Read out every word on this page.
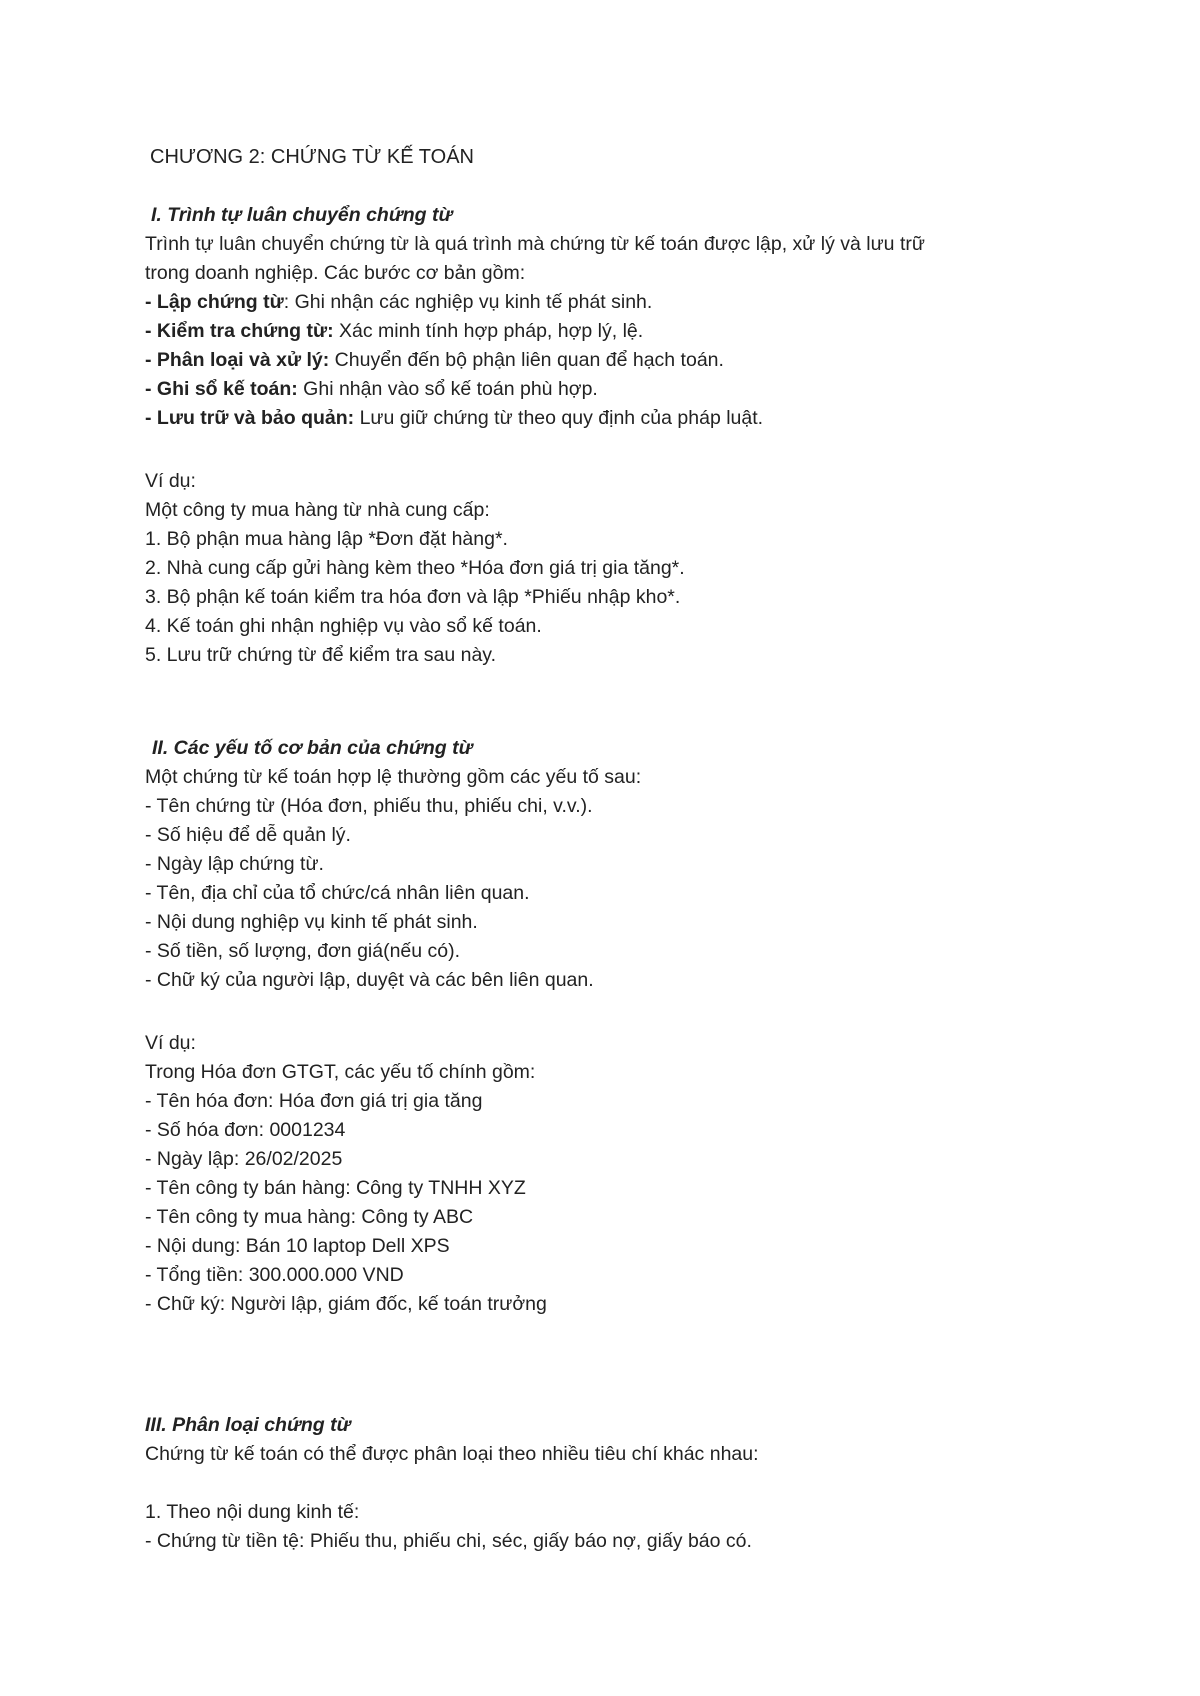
CHƯƠNG 2: CHỨNG TỪ KẾ TOÁN
I. Trình tự luân chuyển chứng từ
Trình tự luân chuyển chứng từ là quá trình mà chứng từ kế toán được lập, xử lý và lưu trữ
trong doanh nghiệp. Các bước cơ bản gồm:
- Lập chứng từ: Ghi nhận các nghiệp vụ kinh tế phát sinh.
- Kiểm tra chứng từ: Xác minh tính hợp pháp, hợp lý, lệ.
- Phân loại và xử lý: Chuyển đến bộ phận liên quan để hạch toán.
- Ghi sổ kế toán: Ghi nhận vào sổ kế toán phù hợp.
- Lưu trữ và bảo quản: Lưu giữ chứng từ theo quy định của pháp luật.
Ví dụ:
Một công ty mua hàng từ nhà cung cấp:
1. Bộ phận mua hàng lập *Đơn đặt hàng*.
2. Nhà cung cấp gửi hàng kèm theo *Hóa đơn giá trị gia tăng*.
3. Bộ phận kế toán kiểm tra hóa đơn và lập *Phiếu nhập kho*.
4. Kế toán ghi nhận nghiệp vụ vào sổ kế toán.
5. Lưu trữ chứng từ để kiểm tra sau này.
II. Các yếu tố cơ bản của chứng từ
Một chứng từ kế toán hợp lệ thường gồm các yếu tố sau:
- Tên chứng từ (Hóa đơn, phiếu thu, phiếu chi, v.v.).
- Số hiệu để dễ quản lý.
- Ngày lập chứng từ.
- Tên, địa chỉ của tổ chức/cá nhân liên quan.
- Nội dung nghiệp vụ kinh tế phát sinh.
- Số tiền, số lượng, đơn giá(nếu có).
- Chữ ký của người lập, duyệt và các bên liên quan.
Ví dụ:
Trong Hóa đơn GTGT, các yếu tố chính gồm:
- Tên hóa đơn: Hóa đơn giá trị gia tăng
- Số hóa đơn: 0001234
- Ngày lập: 26/02/2025
- Tên công ty bán hàng: Công ty TNHH XYZ
- Tên công ty mua hàng: Công ty ABC
- Nội dung: Bán 10 laptop Dell XPS
- Tổng tiền: 300.000.000 VND
- Chữ ký: Người lập, giám đốc, kế toán trưởng
III. Phân loại chứng từ
Chứng từ kế toán có thể được phân loại theo nhiều tiêu chí khác nhau:
1. Theo nội dung kinh tế:
- Chứng từ tiền tệ: Phiếu thu, phiếu chi, séc, giấy báo nợ, giấy báo có.
